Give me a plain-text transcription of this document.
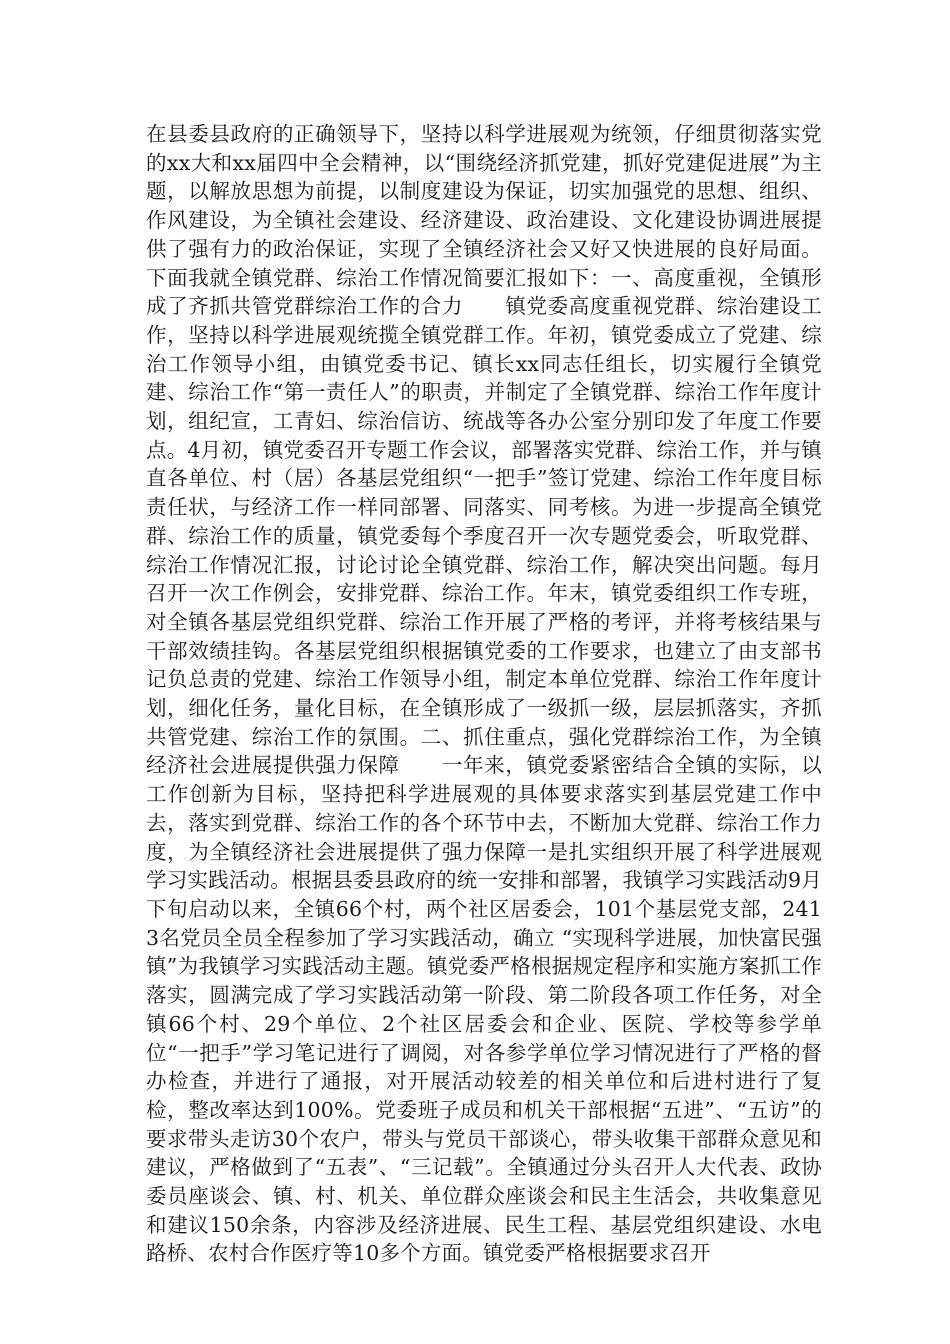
在县委县政府的正确领导下，坚持以科学进展观为统领，仔细贯彻落实党的xx大和xx届四中全会精神，以“围绕经济抓党建，抓好党建促进展”为主题，以解放思想为前提，以制度建设为保证，切实加强党的思想、组织、作风建设，为全镇社会建设、经济建设、政治建设、文化建设协调进展提供了强有力的政治保证，实现了全镇经济社会又好又快进展的良好局面。下面我就全镇党群、综治工作情况简要汇报如下：一、高度重视，全镇形成了齐抓共管党群综治工作的合力　　镇党委高度重视党群、综治建设工作，坚持以科学进展观统揽全镇党群工作。年初，镇党委成立了党建、综治工作领导小组，由镇党委书记、镇长xx同志任组长，切实履行全镇党建、综治工作“第一责任人”的职责，并制定了全镇党群、综治工作年度计划，组纪宣，工青妇、综治信访、统战等各办公室分别印发了年度工作要点。4月初，镇党委召开专题工作会议，部署落实党群、综治工作，并与镇直各单位、村（居）各基层党组织“一把手”签订党建、综治工作年度目标责任状，与经济工作一样同部署、同落实、同考核。为进一步提高全镇党群、综治工作的质量，镇党委每个季度召开一次专题党委会，听取党群、综治工作情况汇报，讨论讨论全镇党群、综治工作，解决突出问题。每月召开一次工作例会，安排党群、综治工作。年末，镇党委组织工作专班，对全镇各基层党组织党群、综治工作开展了严格的考评，并将考核结果与干部效绩挂钩。各基层党组织根据镇党委的工作要求，也建立了由支部书记负总责的党建、综治工作领导小组，制定本单位党群、综治工作年度计划，细化任务，量化目标，在全镇形成了一级抓一级，层层抓落实，齐抓共管党建、综治工作的氛围。二、抓住重点，强化党群综治工作，为全镇经济社会进展提供强力保障　　一年来，镇党委紧密结合全镇的实际，以工作创新为目标，坚持把科学进展观的具体要求落实到基层党建工作中去，落实到党群、综治工作的各个环节中去，不断加大党群、综治工作力度，为全镇经济社会进展提供了强力保障一是扎实组织开展了科学进展观学习实践活动。根据县委县政府的统一安排和部署，我镇学习实践活动9月下旬启动以来，全镇66个村，两个社区居委会，101个基层党支部，2413名党员全员全程参加了学习实践活动，确立 “实现科学进展，加快富民强镇”为我镇学习实践活动主题。镇党委严格根据规定程序和实施方案抓工作落实，圆满完成了学习实践活动第一阶段、第二阶段各项工作任务，对全镇66个村、29个单位、2个社区居委会和企业、医院、学校等参学单位“一把手”学习笔记进行了调阅，对各参学单位学习情况进行了严格的督办检查，并进行了通报，对开展活动较差的相关单位和后进村进行了复检，整改率达到100%。党委班子成员和机关干部根据“五进”、“五访”的要求带头走访30个农户，带头与党员干部谈心，带头收集干部群众意见和建议，严格做到了“五表”、“三记载”。全镇通过分头召开人大代表、政协委员座谈会、镇、村、机关、单位群众座谈会和民主生活会，共收集意见和建议150余条，内容涉及经济进展、民生工程、基层党组织建设、水电路桥、农村合作医疗等10多个方面。镇党委严格根据要求召开
